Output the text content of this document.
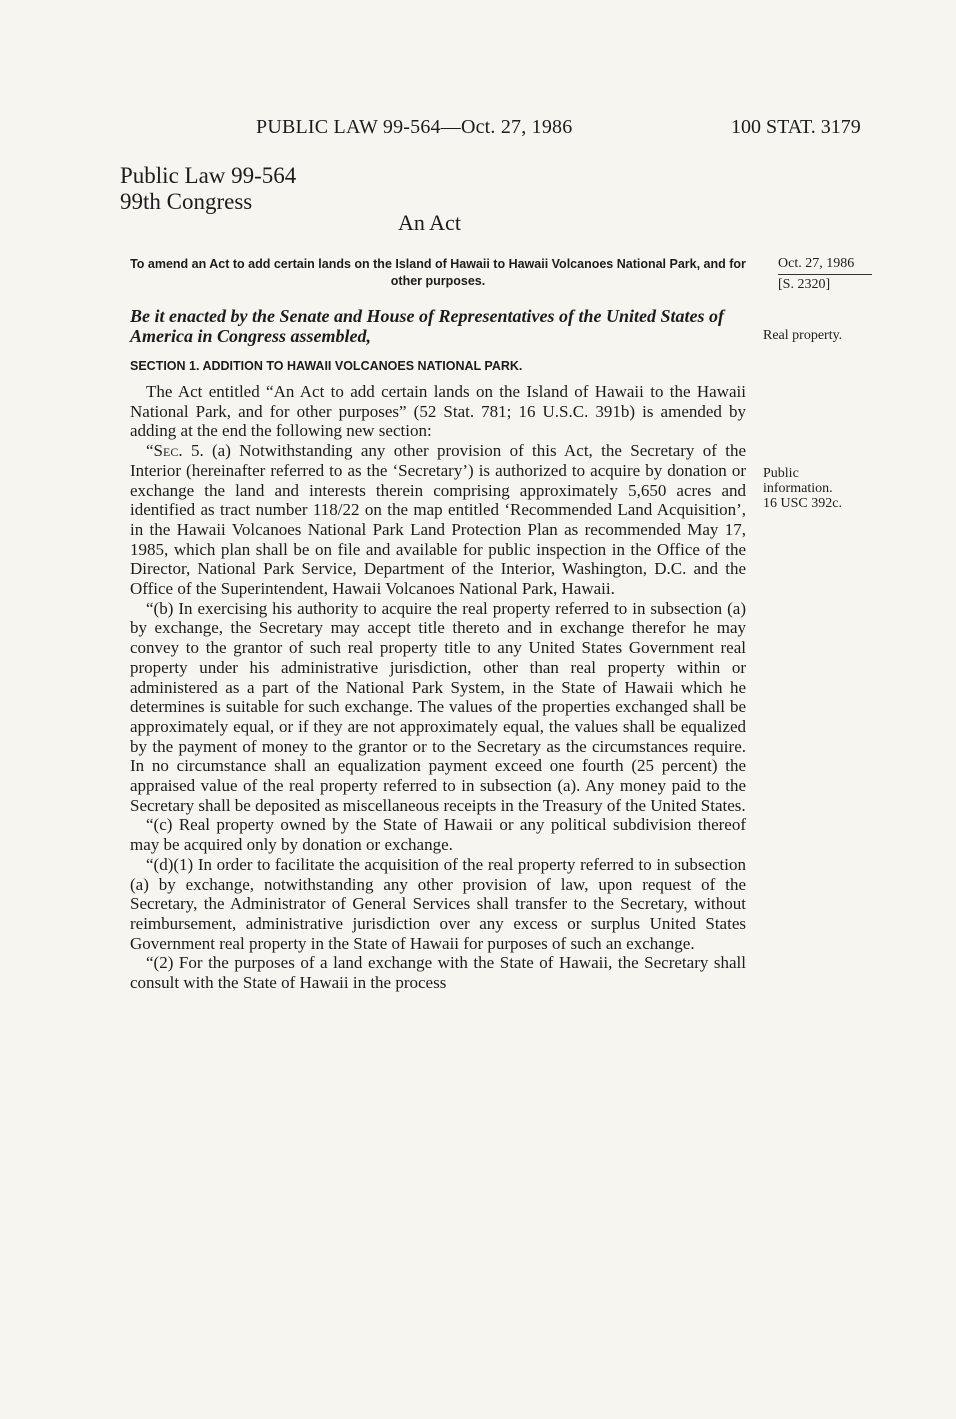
PUBLIC LAW 99-564—Oct. 27, 1986	100 STAT. 3179
Public Law 99-564
99th Congress
An Act
To amend an Act to add certain lands on the Island of Hawaii to Hawaii Volcanoes National Park, and for other purposes.
Be it enacted by the Senate and House of Representatives of the United States of America in Congress assembled,
SECTION 1. ADDITION TO HAWAII VOLCANOES NATIONAL PARK.

The Act entitled “An Act to add certain lands on the Island of Hawaii to the Hawaii National Park, and for other purposes” (52 Stat. 781; 16 U.S.C. 391b) is amended by adding at the end the following new section:

“Sec. 5. (a) Notwithstanding any other provision of this Act, the Secretary of the Interior (hereinafter referred to as the ‘Secretary’) is authorized to acquire by donation or exchange the land and interests therein comprising approximately 5,650 acres and identified as tract number 118/22 on the map entitled ‘Recommended Land Acquisition’, in the Hawaii Volcanoes National Park Land Protection Plan as recommended May 17, 1985, which plan shall be on file and available for public inspection in the Office of the Director, National Park Service, Department of the Interior, Washington, D.C. and the Office of the Superintendent, Hawaii Volcanoes National Park, Hawaii.

“(b) In exercising his authority to acquire the real property referred to in subsection (a) by exchange, the Secretary may accept title thereto and in exchange therefor he may convey to the grantor of such real property title to any United States Government real property under his administrative jurisdiction, other than real property within or administered as a part of the National Park System, in the State of Hawaii which he determines is suitable for such exchange. The values of the properties exchanged shall be approximately equal, or if they are not approximately equal, the values shall be equalized by the payment of money to the grantor or to the Secretary as the circumstances require. In no circumstance shall an equalization payment exceed one fourth (25 percent) the appraised value of the real property referred to in subsection (a). Any money paid to the Secretary shall be deposited as miscellaneous receipts in the Treasury of the United States.

“(c) Real property owned by the State of Hawaii or any political subdivision thereof may be acquired only by donation or exchange.

“(d)(1) In order to facilitate the acquisition of the real property referred to in subsection (a) by exchange, notwithstanding any other provision of law, upon request of the Secretary, the Administrator of General Services shall transfer to the Secretary, without reimbursement, administrative jurisdiction over any excess or surplus United States Government real property in the State of Hawaii for purposes of such an exchange.

“(2) For the purposes of a land exchange with the State of Hawaii, the Secretary shall consult with the State of Hawaii in the process

Oct. 27, 1986
[S. 2320]
Real property.
Public information.
16 USC 392c.
